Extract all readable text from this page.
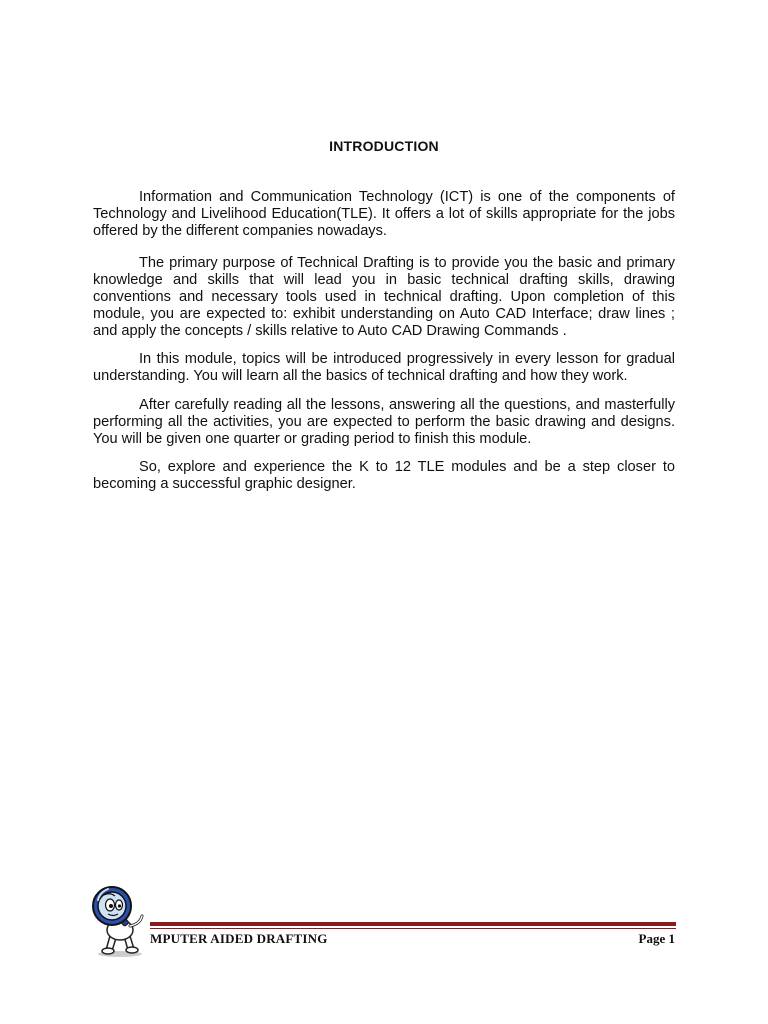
INTRODUCTION

Information and Communication Technology (ICT) is one of the components of Technology and Livelihood Education(TLE). It offers a lot of skills appropriate for the jobs offered by the different companies nowadays.

The primary purpose of Technical Drafting is to provide you the basic and primary knowledge and skills that will lead you in basic technical drafting skills, drawing conventions and necessary tools used in technical drafting. Upon completion of this module, you are expected to: exhibit understanding on Auto CAD Interface; draw lines ; and apply the concepts / skills relative to Auto CAD Drawing Commands .

In this module, topics will be introduced progressively in every lesson for gradual understanding. You will learn all the basics of technical drafting and how they work.

After carefully reading all the lessons, answering all the questions, and masterfully performing all the activities, you are expected to perform the basic drawing and designs. You will be given one quarter or grading period to finish this module.

So, explore and experience the K to 12 TLE modules and be a step closer to becoming a successful graphic designer.

MPUTER AIDED DRAFTING	Page 1
